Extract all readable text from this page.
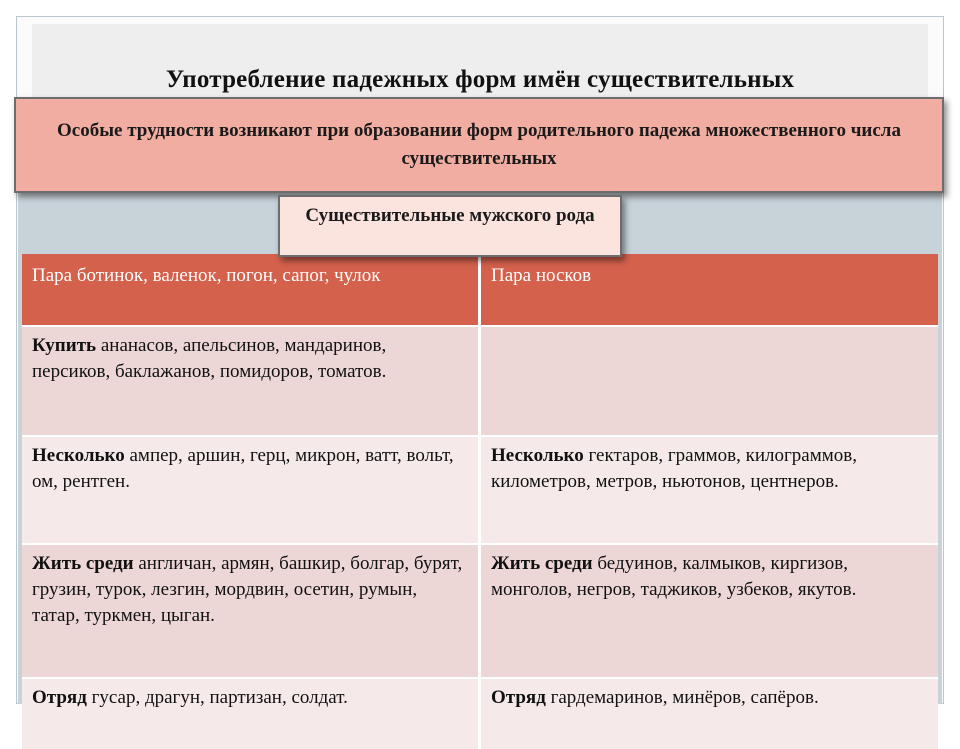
Употребление падежных форм имён существительных
Пара ботинок, валенок, погон, сапог, чулок	Пара носков
Купить ананасов, апельсинов, мандаринов, персиков, баклажанов, помидоров, томатов.	
Несколько ампер, аршин, герц, микрон, ватт, вольт, ом, рентген.	Несколько гектаров, граммов, килограммов, километров, метров, ньютонов, центнеров.
Жить среди англичан, армян, башкир, болгар, бурят, грузин, турок, лезгин, мордвин, осетин, румын, татар, туркмен, цыган.	Жить среди бедуинов, калмыков, киргизов, монголов, негров, таджиков, узбеков, якутов.
Отряд гусар, драгун, партизан, солдат.	Отряд гардемаринов, минёров, сапёров.
Особые трудности возникают при образовании форм родительного падежа множественного числа существительных
Существительные мужского рода
